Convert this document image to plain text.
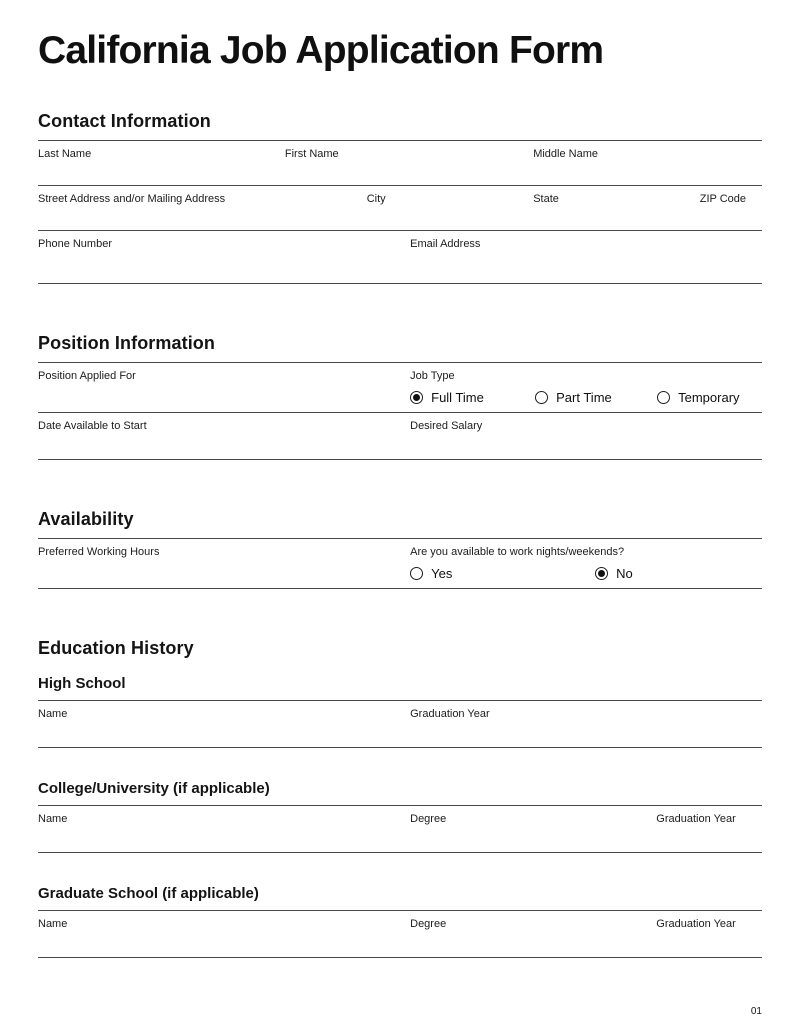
California Job Application Form
Contact Information
Last Name	First Name	Middle Name
Street Address and/or Mailing Address	City	State	ZIP Code
Phone Number	Email Address
Position Information
Position Applied For	Job Type
Full Time	Part Time	Temporary
Date Available to Start	Desired Salary
Availability
Preferred Working Hours	Are you available to work nights/weekends?
Yes	No
Education History
High School
Name	Graduation Year
College/University (if applicable)
Name	Degree	Graduation Year
Graduate School (if applicable)
Name	Degree	Graduation Year
01
